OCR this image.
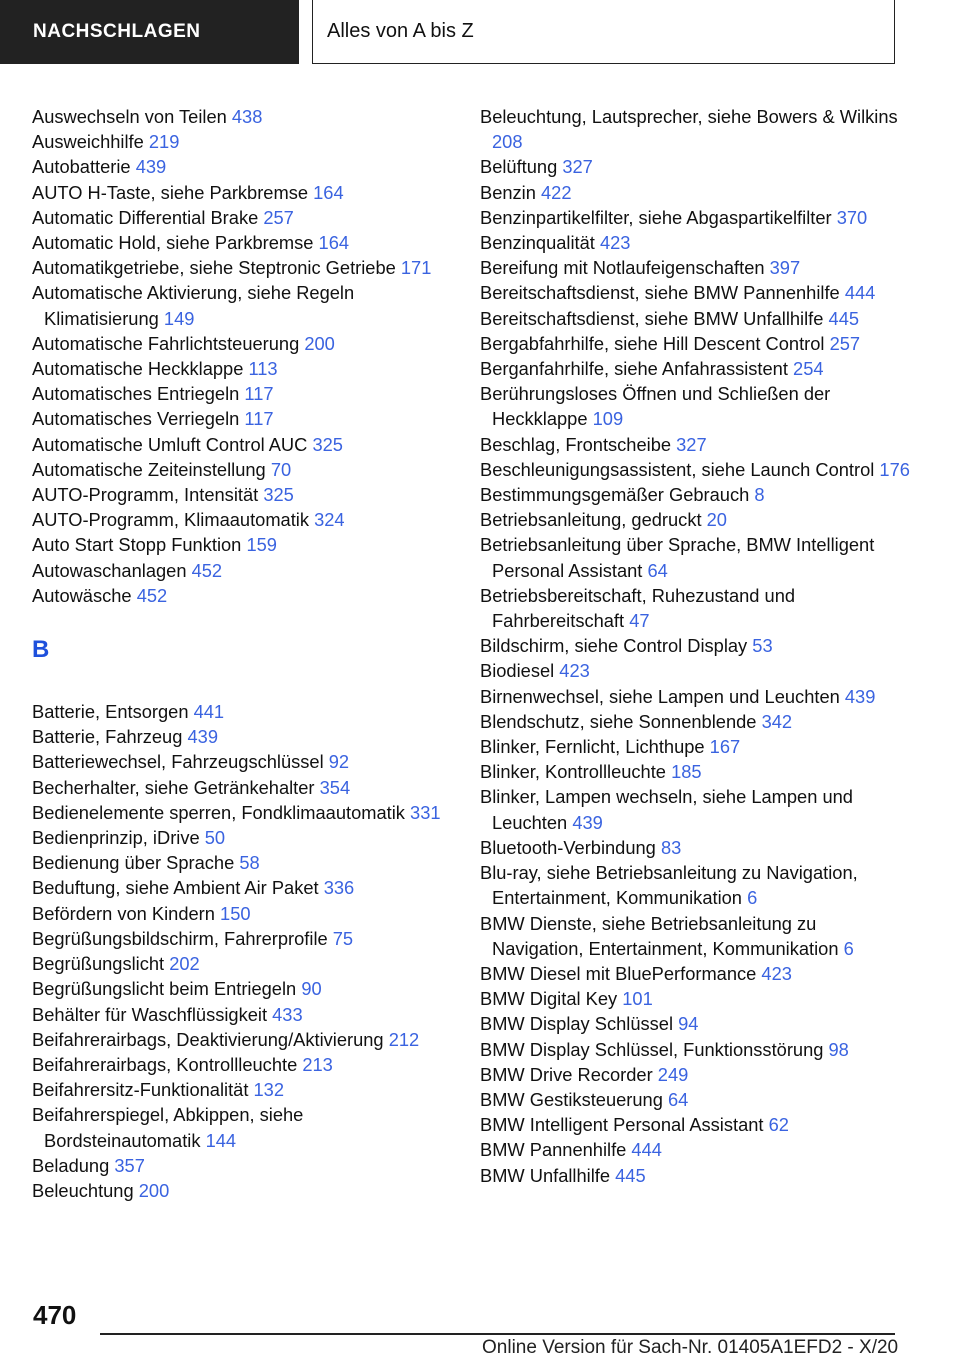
NACHSCHLAGEN	Alles von A bis Z

Auswechseln von Teilen 438

Ausweichhilfe 219

Autobatterie 439

AUTO H-Taste, siehe Parkbremse 164

Automatic Differential Brake 257

Automatic Hold, siehe Parkbremse 164

Automatikgetriebe, siehe Steptronic Getriebe 171

Automatische Aktivierung, siehe Regeln Klimatisierung 149

Automatische Fahrlichtsteuerung 200

Automatische Heckklappe 113

Automatisches Entriegeln 117

Automatisches Verriegeln 117

Automatische Umluft Control AUC 325

Automatische Zeiteinstellung 70

AUTO-Programm, Intensität 325

AUTO-Programm, Klimaautomatik 324

Auto Start Stopp Funktion 159

Autowaschanlagen 452

Autowäsche 452

B

Batterie, Entsorgen 441

Batterie, Fahrzeug 439

Batteriewechsel, Fahrzeugschlüssel 92

Becherhalter, siehe Getränkehalter 354

Bedienelemente sperren, Fondklimaautomatik 331

Bedienprinzip, iDrive 50

Bedienung über Sprache 58

Beduftung, siehe Ambient Air Paket 336

Befördern von Kindern 150

Begrüßungsbildschirm, Fahrerprofile 75

Begrüßungslicht 202

Begrüßungslicht beim Entriegeln 90

Behälter für Waschflüssigkeit 433

Beifahrerairbags, Deaktivierung/Aktivierung 212

Beifahrerairbags, Kontrollleuchte 213

Beifahrersitz-Funktionalität 132

Beifahrerspiegel, Abkippen, siehe Bordsteinautomatik 144

Beladung 357

Beleuchtung 200

Beleuchtung, Lautsprecher, siehe Bowers & Wilkins 208

Belüftung 327

Benzin 422

Benzinpartikelfilter, siehe Abgaspartikelfilter 370

Benzinqualität 423

Bereifung mit Notlaufeigenschaften 397

Bereitschaftsdienst, siehe BMW Pannenhilfe 444

Bereitschaftsdienst, siehe BMW Unfallhilfe 445

Bergabfahrhilfe, siehe Hill Descent Control 257

Berganfahrhilfe, siehe Anfahrassistent 254

Berührungsloses Öffnen und Schließen der Heckklappe 109

Beschlag, Frontscheibe 327

Beschleunigungsassistent, siehe Launch Control 176

Bestimmungsgemäßer Gebrauch 8

Betriebsanleitung, gedruckt 20

Betriebsanleitung über Sprache, BMW Intelligent Personal Assistant 64

Betriebsbereitschaft, Ruhezustand und Fahrbereitschaft 47

Bildschirm, siehe Control Display 53

Biodiesel 423

Birnenwechsel, siehe Lampen und Leuchten 439

Blendschutz, siehe Sonnenblende 342

Blinker, Fernlicht, Lichthupe 167

Blinker, Kontrollleuchte 185

Blinker, Lampen wechseln, siehe Lampen und Leuchten 439

Bluetooth-Verbindung 83

Blu-ray, siehe Betriebsanleitung zu Navigation, Entertainment, Kommunikation 6

BMW Dienste, siehe Betriebsanleitung zu Navigation, Entertainment, Kommunikation 6

BMW Diesel mit BluePerformance 423

BMW Digital Key 101

BMW Display Schlüssel 94

BMW Display Schlüssel, Funktionsstörung 98

BMW Drive Recorder 249

BMW Gestiksteuerung 64

BMW Intelligent Personal Assistant 62

BMW Pannenhilfe 444

BMW Unfallhilfe 445

470
Online Version für Sach-Nr. 01405A1EFD2 - X/20
